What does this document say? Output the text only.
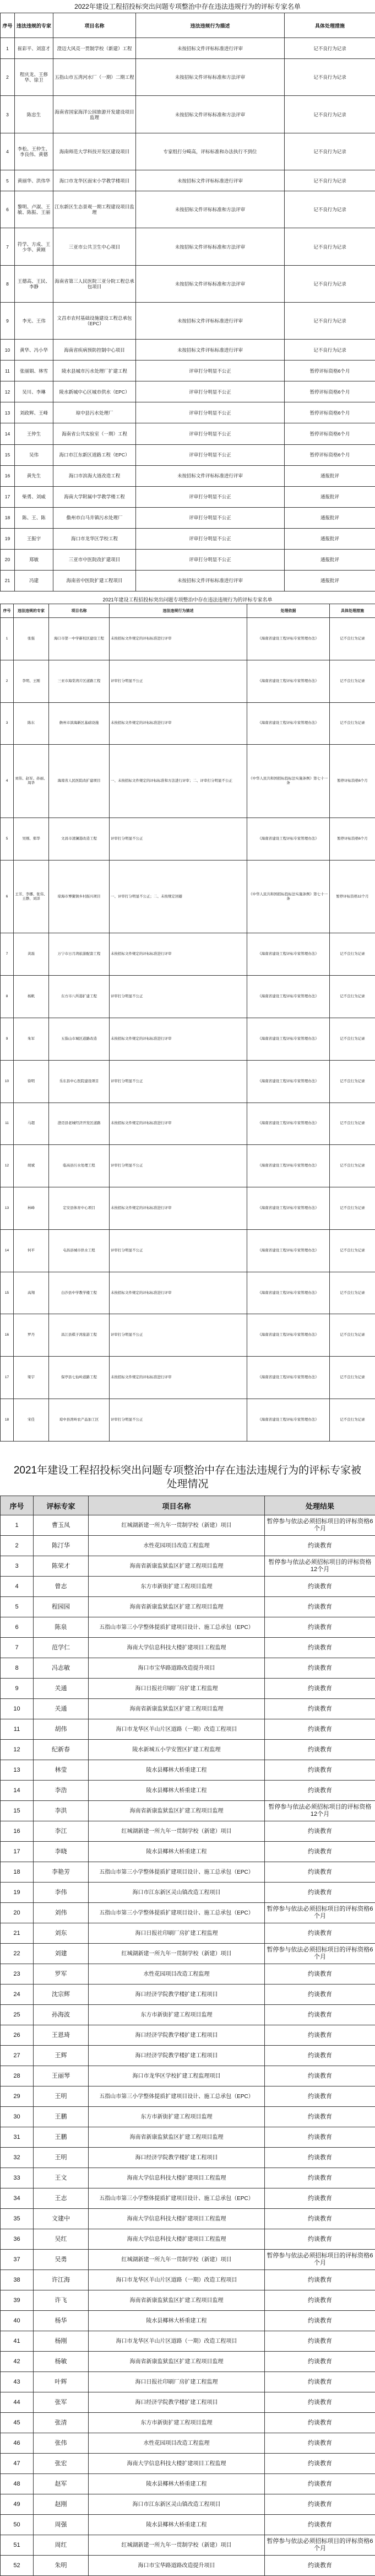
2022年建设工程招投标突出问题专项整治中存在违法违规行为的评标专家名单
序号	违法违规的专家	项目名称	违法违规行为描述	具体处理措施
1	崔彩平、刘富才	澄迈大风亮一贯制学校（新建）工程	未按招标文件评标标准进行评审	记不良行为记录
2	程庆龙、王修华、徐卫	五指山市五湾河水厂（一期）二期工程	未按招标文件评标标准和方法评审	记不良行为记录
3	陈忠生	海南省国家海洋公园旅游开发建设项目监理	未按招标文件评标标准和方法评审	记不良行为记录
4	李松、王仲生、李良伟、黄德	海南师范大学科技开发区建设项目	专家组打分畸高，评标标准和办法执行不到位	记不良行为记录
5	黄丽华、洪伟华	海口市龙华区面宋小学教学楼项目	未按招标文件评标标准进行评审	记不良行为记录
6	黎明、卢淑、王敏、陈振、王丽	江东新区生态景观一期工程建设项目监理	未按招标文件评标标准和方法评审	记不良行为记录
7	符学、方成、王少华、黄刚	三亚市公共卫生中心项目	未按招标文件评标标准和方法评审	记不良行为记录
8	王德高、王民、李静	海南省第三人民医院三亚分院工程总承包项目	未按招标文件评标标准和方法评审	记不良行为记录
9	李光、王伟	文昌市农村基础设施建设工程总承包（EPC）	未按招标文件评标标准进行评审	记不良行为记录
10	黄华、冯小华	海南省疾病预防控制中心项目	未按招标文件评标标准进行评审	记不良行为记录
11	张丽娟、林雪	陵水县城市污水处理厂扩建工程	评审打分明显不公正	暂停评标资格6个月
12	吴川、李琳	陵水新城中心区城市供水（EPC）	评审打分明显不公正	暂停评标资格6个月
13	刘政辉、王峰	琼中县污水处理厂	评审打分明显不公正	暂停评标资格6个月
14	王仲生	海南省公共实验室（一期）工程	评审打分明显不公正	暂停评标资格6个月
15	吴伟	海口市江东新区道路工程（EPC）	评审打分明显不公正	暂停评标资格6个月
16	黄先生	海口市滨海大道改造工程	未按招标文件评标标准进行评审	通报批评
17	柴勇、刘威	海南大学附属中学教学楼工程	评审打分明显不公正	通报批评
18	陈、王、陈	儋州市白马井镇污水处理厂	评审打分明显不公正	通报批评
19	王振宇	海口市龙华区学校工程	评审打分明显不公正	通报批评
20	郑敏	三亚市中医院改扩建项目	评审打分明显不公正	通报批评
21	冯建	海南省中医院扩建工程项目	未按招标文件评标标准进行评审	通报批评
2021年建设工程招投标突出问题专项整治中存在违法违规行为的评标专家名单
序号	违法违规的专家	项目名称	违法违规行为描述	处理依据	具体处理措施
1	张强	海口市第一中学新校区建设工程	未按招标文件规定的评标标准进行评审	《海南省建设工程评标专家管理办法》	记不良行为记录
2	李明、王刚	三亚市海棠湾片区道路工程	评审打分明显不公正	《海南省建设工程评标专家管理办法》	记不良行为记录
3	陈东	儋州市滨海新区基础设施	未按招标文件规定的评标标准进行评审	《海南省建设工程评标专家管理办法》	记不良行为记录
4	刘伟、赵军、孙丽、周华	海南省人民医院改扩建项目	一、未按招标文件规定的评标标准和方法进行评审；二、评审打分明显不公正	《中华人民共和国招标投标法实施条例》第七十一条	暂停评标资格6个月
5	吴刚、郑华	文昌市清澜港改造工程	评审打分明显不公正	《海南省建设工程评标专家管理办法》	暂停评标资格6个月
6	王芳、李娜、张伟、王静、刘洋	琼海市博鳌镇乡村振兴项目	一、评审打分明显不公正；二、未按规定回避	《中华人民共和国招标投标法实施条例》第七十一条	暂停评标资格12个月
7	黄磊	万宁市日月湾旅游配套工程	未按招标文件规定的评标标准进行评审	《海南省建设工程评标专家管理办法》	记不良行为记录
8	杨帆	东方市八所港扩建工程	评审打分明显不公正	《海南省建设工程评标专家管理办法》	记不良行为记录
9	朱军	五指山市城区道路改造	未按招标文件规定的评标标准进行评审	《海南省建设工程评标专家管理办法》	记不良行为记录
10	徐明	乐东县中心医院建设项目	评审打分明显不公正	《海南省建设工程评标专家管理办法》	记不良行为记录
11	马超	澄迈县老城经济开发区道路	未按招标文件规定的评标标准进行评审	《海南省建设工程评标专家管理办法》	记不良行为记录
12	胡斌	临高县污水处理工程	评审打分明显不公正	《海南省建设工程评标专家管理办法》	记不良行为记录
13	林峰	定安县体育中心项目	未按招标文件规定的评标标准进行评审	《海南省建设工程评标专家管理办法》	记不良行为记录
14	何平	屯昌县城市供水工程	评审打分明显不公正	《海南省建设工程评标专家管理办法》	记不良行为记录
15	高翔	白沙县中学教学楼工程	未按招标文件规定的评标标准进行评审	《海南省建设工程评标专家管理办法》	记不良行为记录
16	罗丹	昌江县棋子湾旅游工程	评审打分明显不公正	《海南省建设工程评标专家管理办法》	记不良行为记录
17	梁宇	保亭县七仙岭道路工程	未按招标文件规定的评标标准进行评审	《海南省建设工程评标专家管理办法》	记不良行为记录
18	宋佳	琼中县湾岭农产品加工区	评审打分明显不公正	《海南省建设工程评标专家管理办法》	记不良行为记录
2021年建设工程招投标突出问题专项整治中存在违法违规行为的评标专家被处理情况
序号	评标专家	项目名称	处理结果
1	曹玉凤	红城湖新建一所九年一贯制学校（新建）项目	暂停参与依法必须招标项目的评标资格6个月
2	陈汀华	水性花园项目改造工程监理	约谈教育
3	陈荣才	海南省新康监狱监区扩建工程项目监理	暂停参与依法必须招标项目的评标资格12个月
4	曾志	东方市新街扩建工程项目监理	约谈教育
5	程园园	海南省新康监狱监区扩建工程项目监理	约谈教育
6	陈泉	五指山市第三小学整体提质扩建项目设计、施工总承包（EPC）	约谈教育
7	范学仁	海南大学信息科技大楼扩建项目工程监理	约谈教育
8	冯志敏	海口市宝华路道路改造提升项目	约谈教育
9	关通	海口日报社印刷厂房扩建工程监理	约谈教育
10	关通	海南省新康监狱监区扩建工程项目监理	约谈教育
11	胡伟	海口市龙华区羊山片区道路（一期）改造工程项目	约谈教育
12	纪新春	陵水新城五小学安置区扩建工程监理	约谈教育
13	林莹	陵水县椰林大桥重建工程	约谈教育
14	李浩	陵水县椰林大桥重建工程	约谈教育
15	李洪	海南省新康监狱监区扩建工程项目监理	暂停参与依法必须招标项目的评标资格12个月
16	李江	红城湖新建一所九年一贯制学校（新建）项目	约谈教育
17	李晓	陵水县椰林大桥重建工程	约谈教育
18	李艳芳	五指山市第三小学整体提质扩建项目设计、施工总承包（EPC）	约谈教育
19	李伟	海口市江东新区灵山镇改造工程项目	约谈教育
20	刘伟	五指山市第三小学整体提质扩建项目设计、施工总承包（EPC）	暂停参与依法必须招标项目的评标资格6个月
21	刘东	海口日报社印刷厂房扩建工程监理	约谈教育
22	刘建	红城湖新建一所九年一贯制学校（新建）项目	暂停参与依法必须招标项目的评标资格6个月
23	罗军	水性花园项目改造工程监理	约谈教育
24	沈宗辉	海口经济学院教学楼扩建工程项目	约谈教育
25	孙海波	东方市新街扩建工程项目监理	约谈教育
26	王恩琦	海口经济学院教学楼扩建工程项目	约谈教育
27	王辉	海口经济学院教学楼扩建工程项目	约谈教育
28	王丽琴	海口市龙华区学校扩建工程监理项目	约谈教育
29	王明	五指山市第三小学整体提质扩建项目设计、施工总承包（EPC）	约谈教育
30	王鹏	东方市新街扩建工程项目监理	约谈教育
31	王鹏	海南省新康监狱监区扩建工程项目监理	约谈教育
32	王明	海口经济学院教学楼扩建工程项目	约谈教育
33	王文	海南大学信息科技大楼扩建项目工程监理	约谈教育
34	王志	五指山市第三小学整体提质扩建项目设计、施工总承包（EPC）	约谈教育
35	文建中	海南大学信息科技大楼扩建项目工程监理	约谈教育
36	吴红	海南大学信息科技大楼扩建项目工程监理	约谈教育
37	吴勇	红城湖新建一所九年一贯制学校（新建）项目	暂停参与依法必须招标项目的评标资格6个月
38	许江海	海口市龙华区羊山片区道路（一期）改造工程项目	约谈教育
39	许飞	海南省新康监狱监区扩建工程项目监理	约谈教育
40	杨华	陵水县椰林大桥重建工程	约谈教育
41	杨刚	海口市龙华区羊山片区道路（一期）改造工程项目	约谈教育
42	杨敏	海南省新康监狱监区扩建工程项目监理	约谈教育
43	叶辉	海口日报社印刷厂房扩建工程监理	约谈教育
44	张军	海口经济学院教学楼扩建工程项目	约谈教育
45	张清	东方市新街扩建工程项目监理	约谈教育
46	张伟	水性花园项目改造工程监理	约谈教育
47	张宏	海南大学信息科技大楼扩建项目工程监理	约谈教育
48	赵军	陵水县椰林大桥重建工程	约谈教育
49	赵刚	海口市江东新区灵山镇改造工程项目	约谈教育
50	周强	陵水县椰林大桥重建工程	约谈教育
51	周红	红城湖新建一所九年一贯制学校（新建）项目	暂停参与依法必须招标项目的评标资格6个月
52	朱明	海口市宝华路道路改造提升项目	约谈教育
